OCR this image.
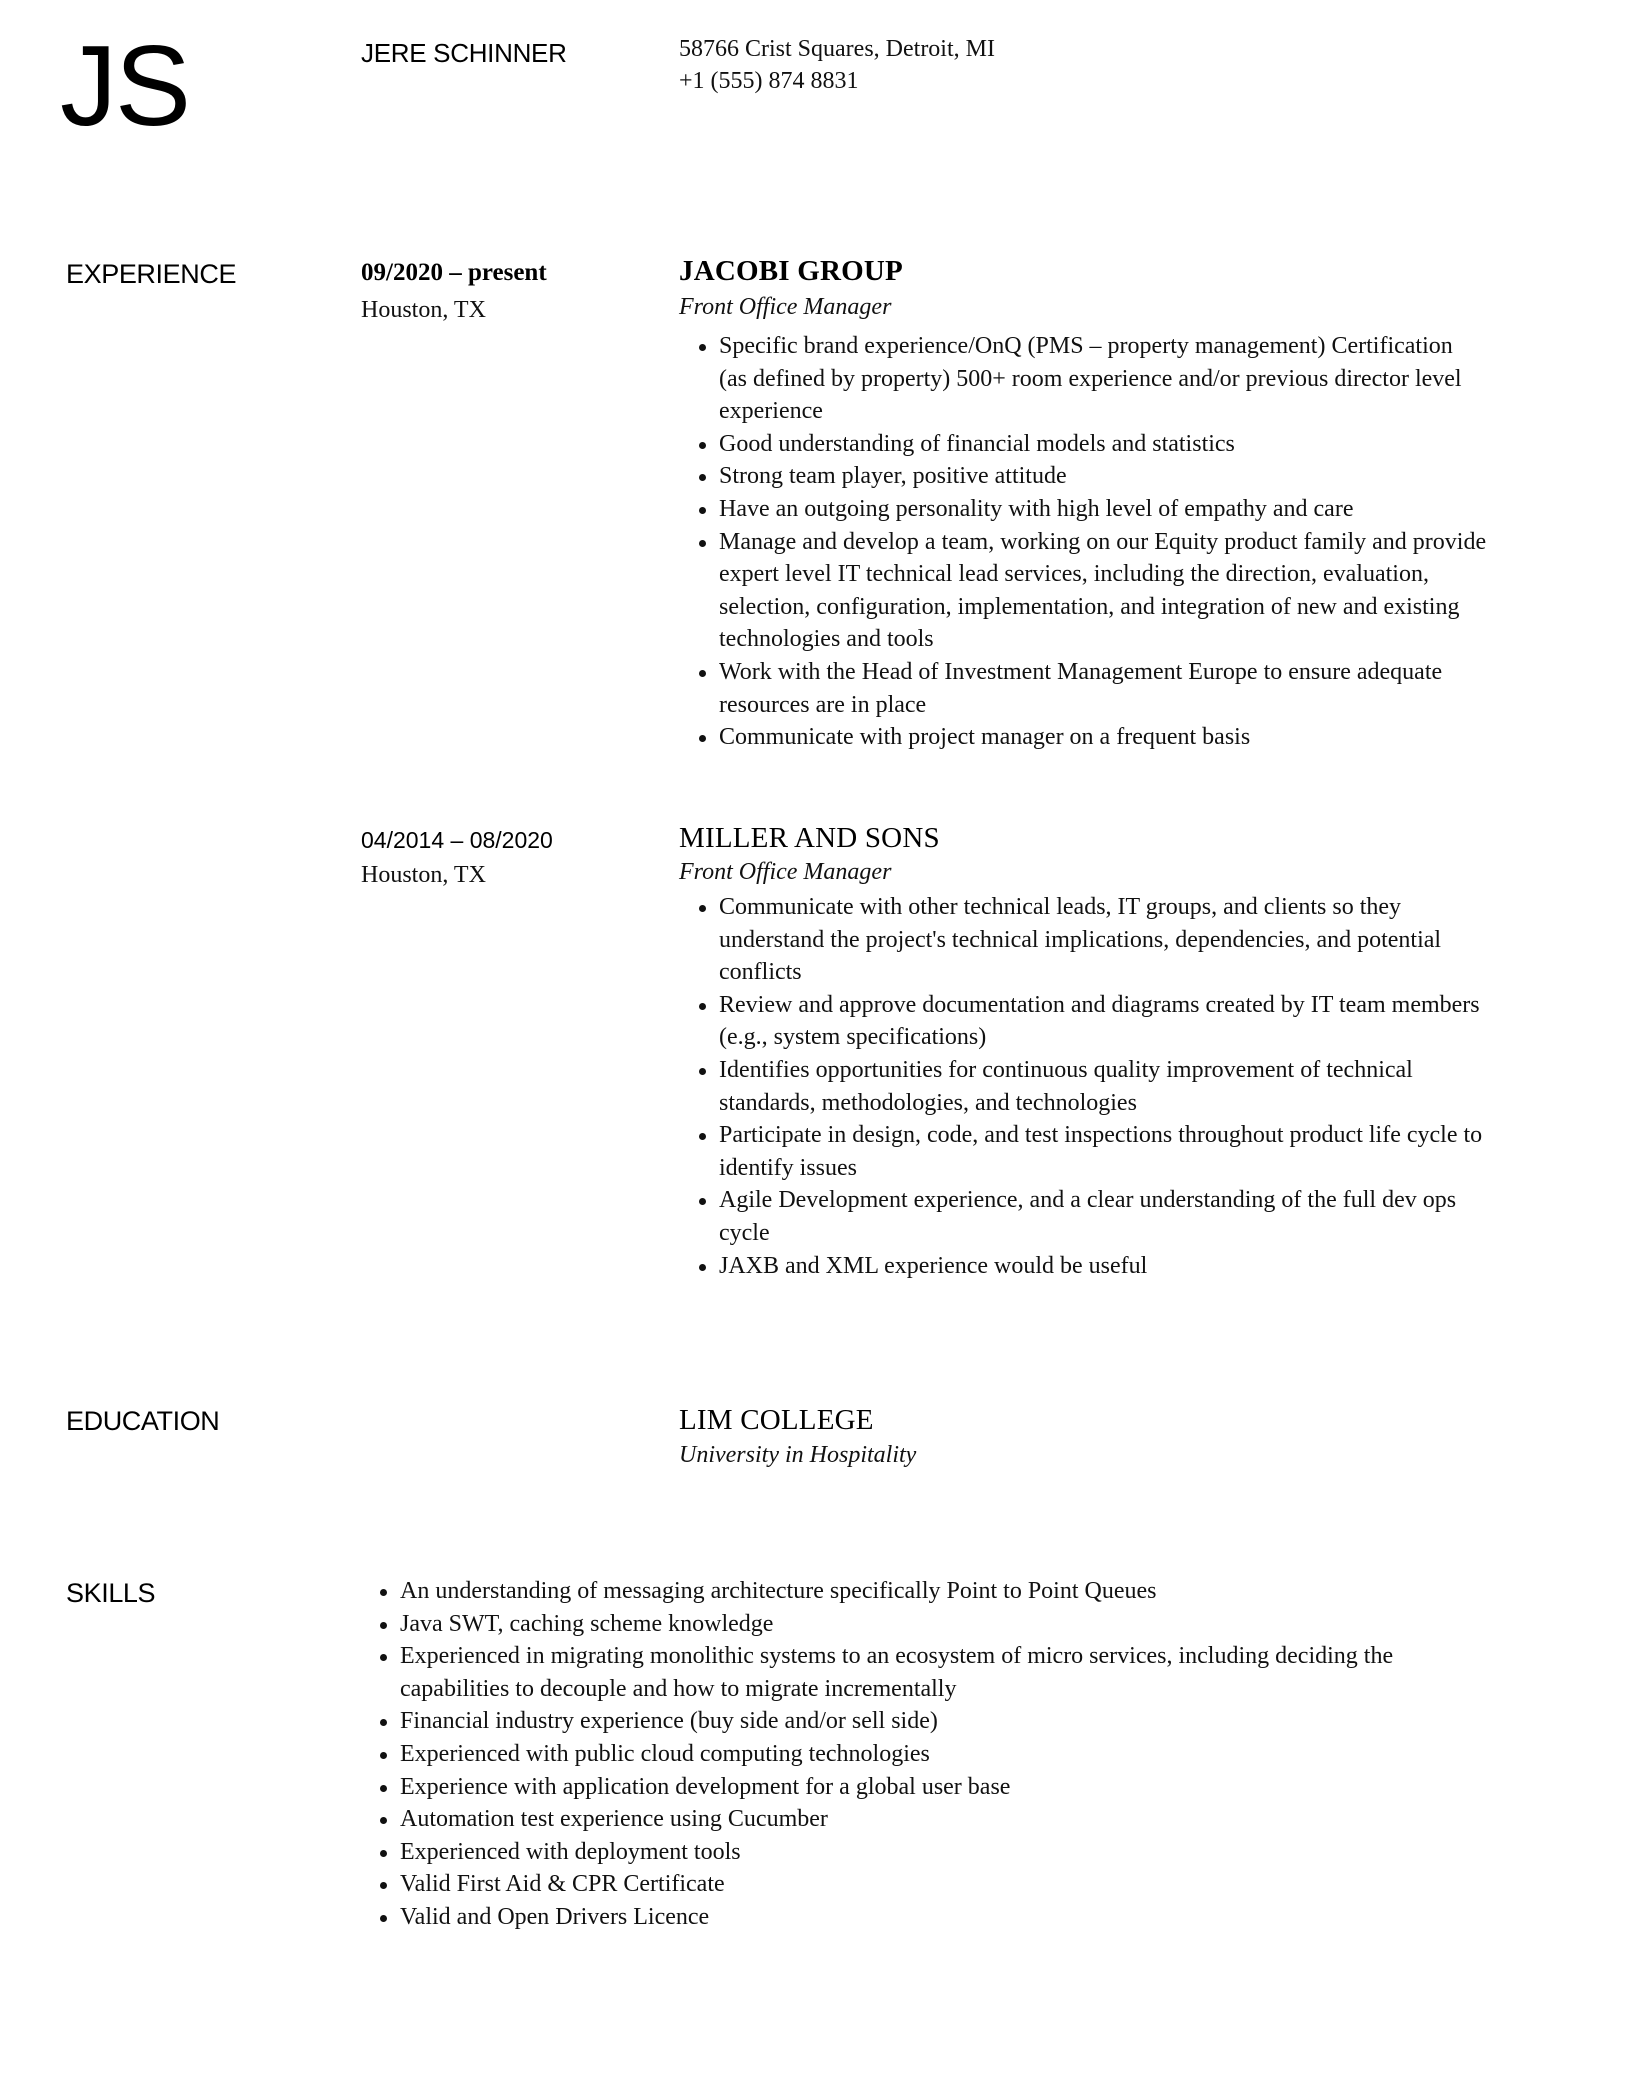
JS	JERE SCHINNER	58766 Crist Squares, Detroit, MI
+1 (555) 874 8831
EXPERIENCE	09/2020 – present
Houston, TX
JACOBI GROUP
Front Office Manager
Specific brand experience/OnQ (PMS – property management) Certification
(as defined by property) 500+ room experience and/or previous director level
experience
Good understanding of financial models and statistics
Strong team player, positive attitude
Have an outgoing personality with high level of empathy and care
Manage and develop a team, working on our Equity product family and provide
expert level IT technical lead services, including the direction, evaluation,
selection, configuration, implementation, and integration of new and existing
technologies and tools
Work with the Head of Investment Management Europe to ensure adequate
resources are in place
Communicate with project manager on a frequent basis
04/2014 – 08/2020
Houston, TX
MILLER AND SONS
Front Office Manager
Communicate with other technical leads, IT groups, and clients so they
understand the project's technical implications, dependencies, and potential
conflicts
Review and approve documentation and diagrams created by IT team members
(e.g., system specifications)
Identifies opportunities for continuous quality improvement of technical
standards, methodologies, and technologies
Participate in design, code, and test inspections throughout product life cycle to
identify issues
Agile Development experience, and a clear understanding of the full dev ops
cycle
JAXB and XML experience would be useful
EDUCATION	LIM COLLEGE
University in Hospitality
SKILLS	An understanding of messaging architecture specifically Point to Point Queues
Java SWT, caching scheme knowledge
Experienced in migrating monolithic systems to an ecosystem of micro services, including deciding the
capabilities to decouple and how to migrate incrementally
Financial industry experience (buy side and/or sell side)
Experienced with public cloud computing technologies
Experience with application development for a global user base
Automation test experience using Cucumber
Experienced with deployment tools
Valid First Aid & CPR Certificate
Valid and Open Drivers Licence
